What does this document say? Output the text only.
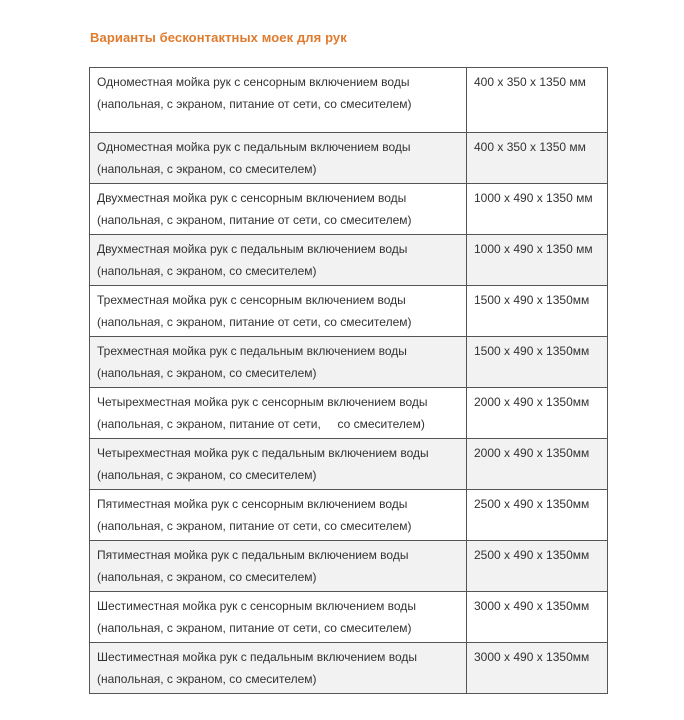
Варианты бесконтактных моек для рук
Одноместная мойка рук с сенсорным включением воды
(напольная, с экраном, питание от сети, со смесителем)	400 х 350 х 1350 мм

Одноместная мойка рук с педальным включением воды
(напольная, с экраном, со смесителем)	400 х 350 х 1350 мм

Двухместная мойка рук с сенсорным включением воды
(напольная, с экраном, питание от сети, со смесителем)	1000 х 490 х 1350 мм

Двухместная мойка рук с педальным включением воды
(напольная, с экраном, со смесителем)	1000 х 490 х 1350 мм

Трехместная мойка рук с сенсорным включением воды
(напольная, с экраном, питание от сети, со смесителем)	1500 х 490 х 1350мм

Трехместная мойка рук с педальным включением воды
(напольная, с экраном, со смесителем)	1500 х 490 х 1350мм

Четырехместная мойка рук с сенсорным включением воды
(напольная, с экраном, питание от сети,     со смесителем)	2000 х 490 х 1350мм

Четырехместная мойка рук с педальным включением воды
(напольная, с экраном, со смесителем)	2000 х 490 х 1350мм

Пятиместная мойка рук с сенсорным включением воды
(напольная, с экраном, питание от сети, со смесителем)	2500 х 490 х 1350мм

Пятиместная мойка рук с педальным включением воды
(напольная, с экраном, со смесителем)	2500 х 490 х 1350мм

Шестиместная мойка рук с сенсорным включением воды
(напольная, с экраном, питание от сети, со смесителем)	3000 х 490 х 1350мм

Шестиместная мойка рук с педальным включением воды
(напольная, с экраном, со смесителем)	3000 х 490 х 1350мм
